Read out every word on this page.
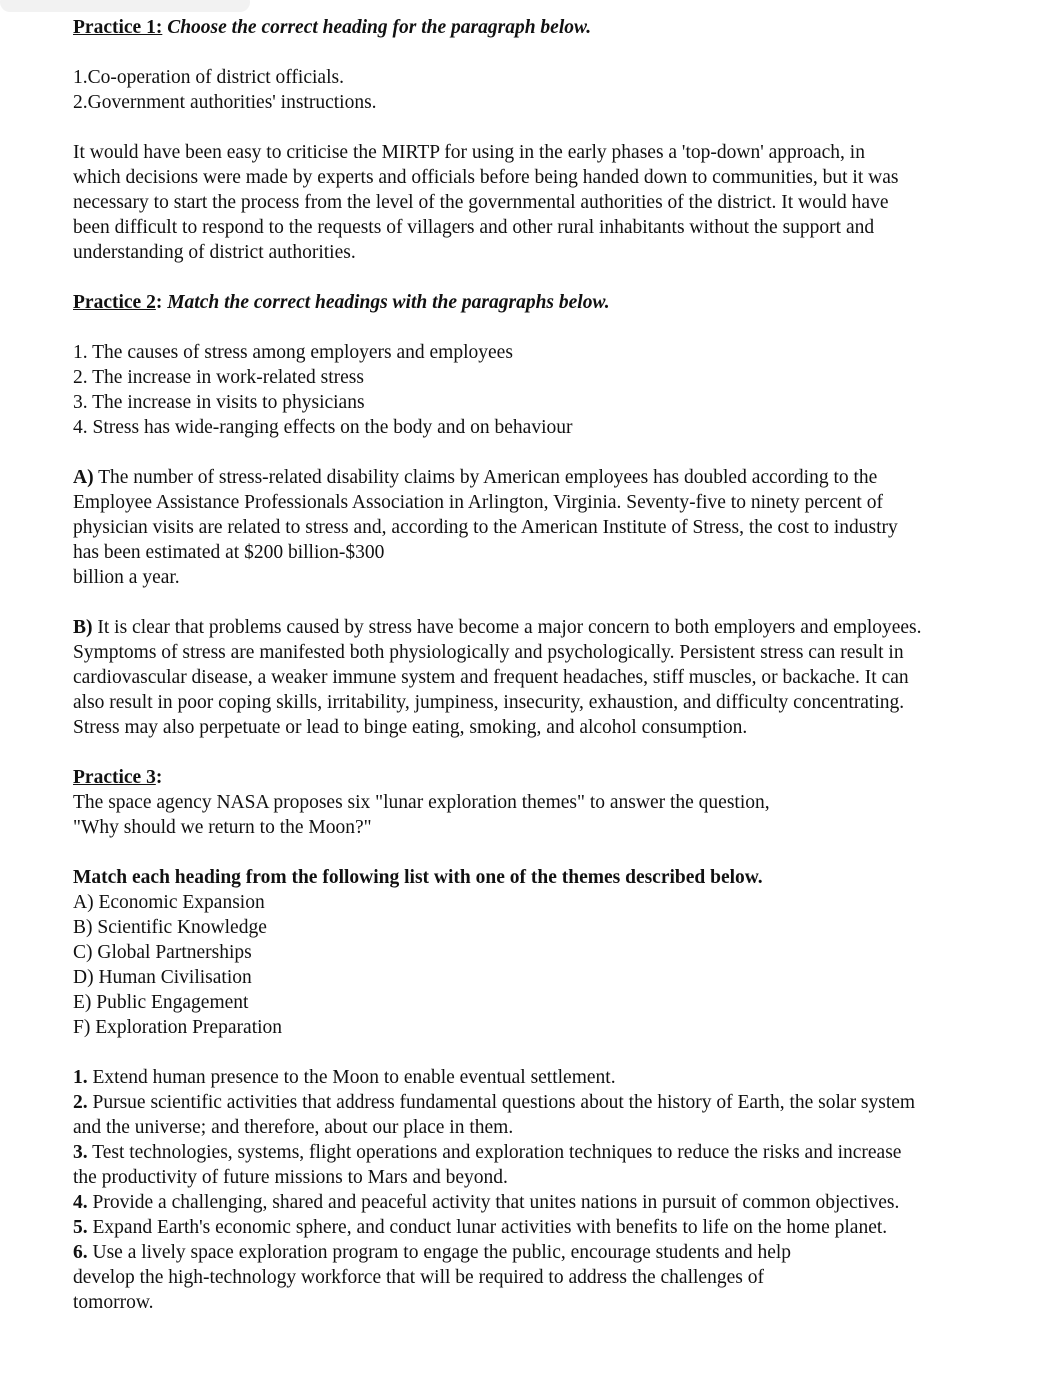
Practice 1: Choose the correct heading for the paragraph below.

1.Co-operation of district officials.
2.Government authorities' instructions.
It would have been easy to criticise the MIRTP for using in the early phases a 'top-down' approach, in
which decisions were made by experts and officials before being handed down to communities, but it was
necessary to start the process from the level of the governmental authorities of the district. It would have
been difficult to respond to the requests of villagers and other rural inhabitants without the support and
understanding of district authorities.

Practice 2: Match the correct headings with the paragraphs below.

1. The causes of stress among employers and employees
2. The increase in work-related stress
3. The increase in visits to physicians
4. Stress has wide-ranging effects on the body and on behaviour
A) The number of stress-related disability claims by American employees has doubled according to the
Employee Assistance Professionals Association in Arlington, Virginia. Seventy-five to ninety percent of
physician visits are related to stress and, according to the American Institute of Stress, the cost to industry
has been estimated at $200 billion-$300
billion a year.
B) It is clear that problems caused by stress have become a major concern to both employers and employees.
Symptoms of stress are manifested both physiologically and psychologically. Persistent stress can result in
cardiovascular disease, a weaker immune system and frequent headaches, stiff muscles, or backache. It can
also result in poor coping skills, irritability, jumpiness, insecurity, exhaustion, and difficulty concentrating.
Stress may also perpetuate or lead to binge eating, smoking, and alcohol consumption.

Practice 3:

The space agency NASA proposes six "lunar exploration themes" to answer the question,
"Why should we return to the Moon?"

Match each heading from the following list with one of the themes described below.

A) Economic Expansion
B) Scientific Knowledge
C) Global Partnerships
D) Human Civilisation
E) Public Engagement
F) Exploration Preparation
1. Extend human presence to the Moon to enable eventual settlement.
2. Pursue scientific activities that address fundamental questions about the history of Earth, the solar system
and the universe; and therefore, about our place in them.
3. Test technologies, systems, flight operations and exploration techniques to reduce the risks and increase
the productivity of future missions to Mars and beyond.
4. Provide a challenging, shared and peaceful activity that unites nations in pursuit of common objectives.
5. Expand Earth's economic sphere, and conduct lunar activities with benefits to life on the home planet.
6. Use a lively space exploration program to engage the public, encourage students and help
develop the high-technology workforce that will be required to address the challenges of
tomorrow.
